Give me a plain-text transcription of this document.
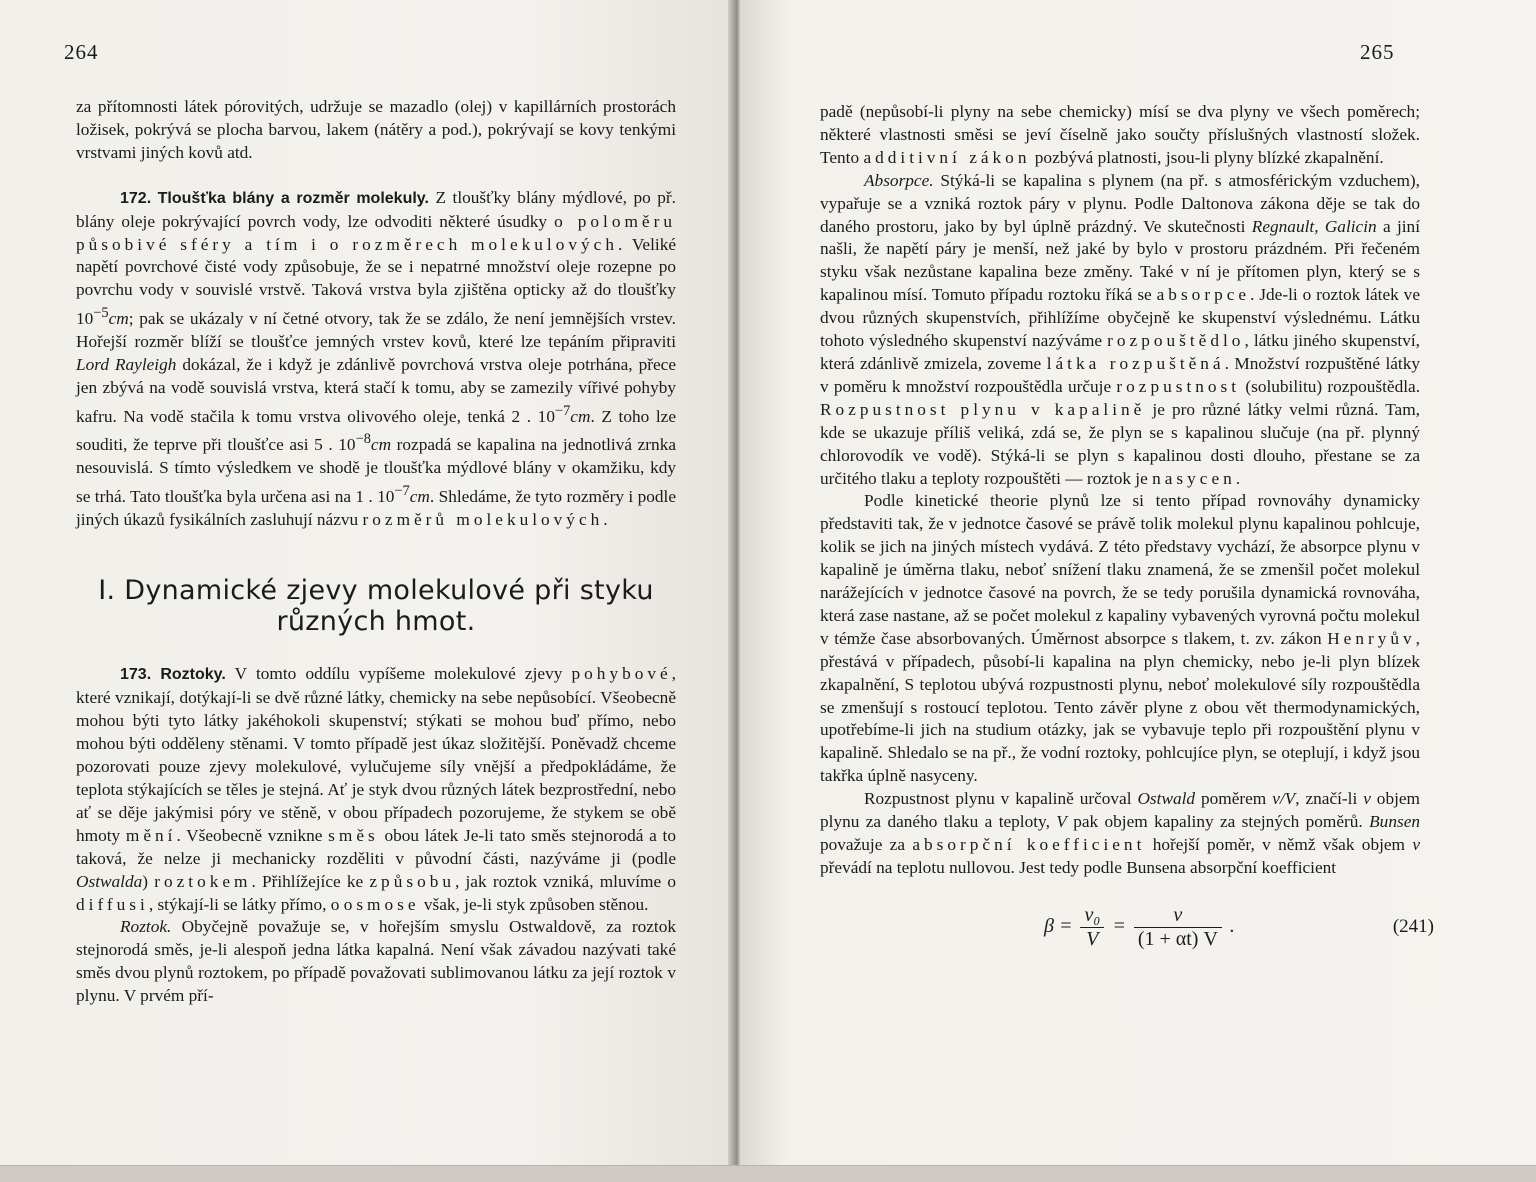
264

za přítomnosti látek pórovitých, udržuje se mazadlo (olej) v kapillárních prostorách ložisek, pokrývá se plocha barvou, lakem (nátěry a pod.), pokrývají se kovy tenkými vrstvami jiných kovů atd.

172. Tloušťka blány a rozměr molekuly. Z tloušťky blány mýdlové, po př. blány oleje pokrývající povrch vody, lze odvoditi některé úsudky o poloměru působivé sféry a tím i o rozměrech molekulových. Veliké napětí povrchové čisté vody způsobuje, že se i nepatrné množství oleje rozepne po povrchu vody v souvislé vrstvě. Taková vrstva byla zjištěna opticky až do tloušťky $10^{-5}cm$; pak se ukázaly v ní četné otvory, tak že se zdálo, že není jemnějších vrstev. Hořejší rozměr blíží se tloušťce jemných vrstev kovů, které lze tepáním připraviti Lord Rayleigh dokázal, že i když je zdánlivě povrchová vrstva oleje potrhána, přece jen zbývá na vodě souvislá vrstva, která stačí k tomu, aby se zamezily vířivé pohyby kafru. Na vodě stačila k tomu vrstva olivového oleje, tenká 2 . $10^{-7}cm$. Z toho lze souditi, že teprve při tloušťce asi 5 . $10^{-8}cm$ rozpadá se kapalina na jednotlivá zrnka nesouvislá. S tímto výsledkem ve shodě je tloušťka mýdlové blány v okamžiku, kdy se trhá. Tato tloušťka byla určena asi na 1 . $10^{-7}cm$. Shledáme, že tyto rozměry i podle jiných úkazů fysikálních zasluhují názvu rozměrů molekulových.

I. Dynamické zjevy molekulové při styku různých hmot.

173. Roztoky. V tomto oddílu vypíšeme molekulové zjevy pohybové, které vznikají, dotýkají-li se dvě různé látky, chemicky na sebe nepůsobící. Všeobecně mohou býti tyto látky jakéhokoli skupenství; stýkati se mohou buď přímo, nebo mohou býti odděleny stěnami. V tomto případě jest úkaz složitější. Poněvadž chceme pozorovati pouze zjevy molekulové, vylučujeme síly vnější a předpokládáme, že teplota stýkajících se těles je stejná. Ať je styk dvou různých látek bezprostřední, nebo ať se děje jakýmisi póry ve stěně, v obou případech pozorujeme, že stykem se obě hmoty mění. Všeobecně vznikne směs obou látek Je-li tato směs stejnorodá a to taková, že nelze ji mechanicky rozděliti v původní části, nazýváme ji (podle Ostwalda) roztokem. Přihlížejíce ke způsobu, jak roztok vzniká, mluvíme o diffusi, stýkají-li se látky přímo, o osmose však, je-li styk způsoben stěnou.

Roztok. Obyčejně považuje se, v hořejším smyslu Ostwaldově, za roztok stejnorodá směs, je-li alespoň jedna látka kapalná. Není však závadou nazývati také směs dvou plynů roztokem, po případě považovati sublimovanou látku za její roztok v plynu. V prvém pří-

padě (nepůsobí-li plyny na sebe chemicky) mísí se dva plyny ve všech poměrech; některé vlastnosti směsi se jeví číselně jako součty příslušných vlastností složek. Tento additivní zákon pozbývá platnosti, jsou-li plyny blízké zkapalnění.

Absorpce. Stýká-li se kapalina s plynem (na př. s atmosférickým vzduchem), vypařuje se a vzniká roztok páry v plynu. Podle Daltonova zákona děje se tak do daného prostoru, jako by byl úplně prázdný. Ve skutečnosti Regnault, Galicin a jiní našli, že napětí páry je menší, než jaké by bylo v prostoru prázdném. Při řečeném styku však nezůstane kapalina beze změny. Také v ní je přítomen plyn, který se s kapalinou mísí. Tomuto případu roztoku říká se absorpce. Jde-li o roztok látek ve dvou různých skupenstvích, přihlížíme obyčejně ke skupenství výslednému. Látku tohoto výsledného skupenství nazýváme rozpouštědlo, látku jiného skupenství, která zdánlivě zmizela, zoveme látka rozpuštěná. Množství rozpuštěné látky v poměru k množství rozpouštědla určuje rozpustnost (solubilitu) rozpouštědla. Rozpustnost plynu v kapalině je pro různé látky velmi různá. Tam, kde se ukazuje příliš veliká, zdá se, že plyn se s kapalinou slučuje (na př. plynný chlorovodík ve vodě). Stýká-li se plyn s kapalinou dosti dlouho, přestane se za určitého tlaku a teploty rozpouštěti — roztok je nasycen.

Podle kinetické theorie plynů lze si tento případ rovnováhy dynamicky představiti tak, že v jednotce časové se právě tolik molekul plynu kapalinou pohlcuje, kolik se jich na jiných místech vydává. Z této představy vychází, že absorpce plynu v kapalině je úměrna tlaku, neboť snížení tlaku znamená, že se zmenšil počet molekul narážejících v jednotce časové na povrch, že se tedy porušila dynamická rovnováha, která zase nastane, až se počet molekul z kapaliny vybavených vyrovná počtu molekul v témže čase absorbovaných. Úměrnost absorpce s tlakem, t. zv. zákon Henryův, přestává v případech, působí-li kapalina na plyn chemicky, nebo je-li plyn blízek zkapalnění, S teplotou ubývá rozpustnosti plynu, neboť molekulové síly rozpouštědla se zmenšují s rostoucí teplotou. Tento závěr plyne z obou vět thermodynamických, upotřebíme-li jich na studium otázky, jak se vybavuje teplo při rozpouštění plynu v kapalině. Shledalo se na př., že vodní roztoky, pohlcujíce plyn, se oteplují, i když jsou takřka úplně nasyceny.

Rozpustnost plynu v kapalině určoval Ostwald poměrem v/V, značí-li v objem plynu za daného tlaku a teploty, V pak objem kapaliny za stejných poměrů. Bunsen považuje za absorpční koefficient hořejší poměr, v němž však objem v převádí na teplotu nullovou. Jest tedy podle Bunsena absorpční koefficient

$\beta = \frac{\text{v₀}}{V} = \frac{v}{(1 + \alpha t) V}$ .	(241)
265
